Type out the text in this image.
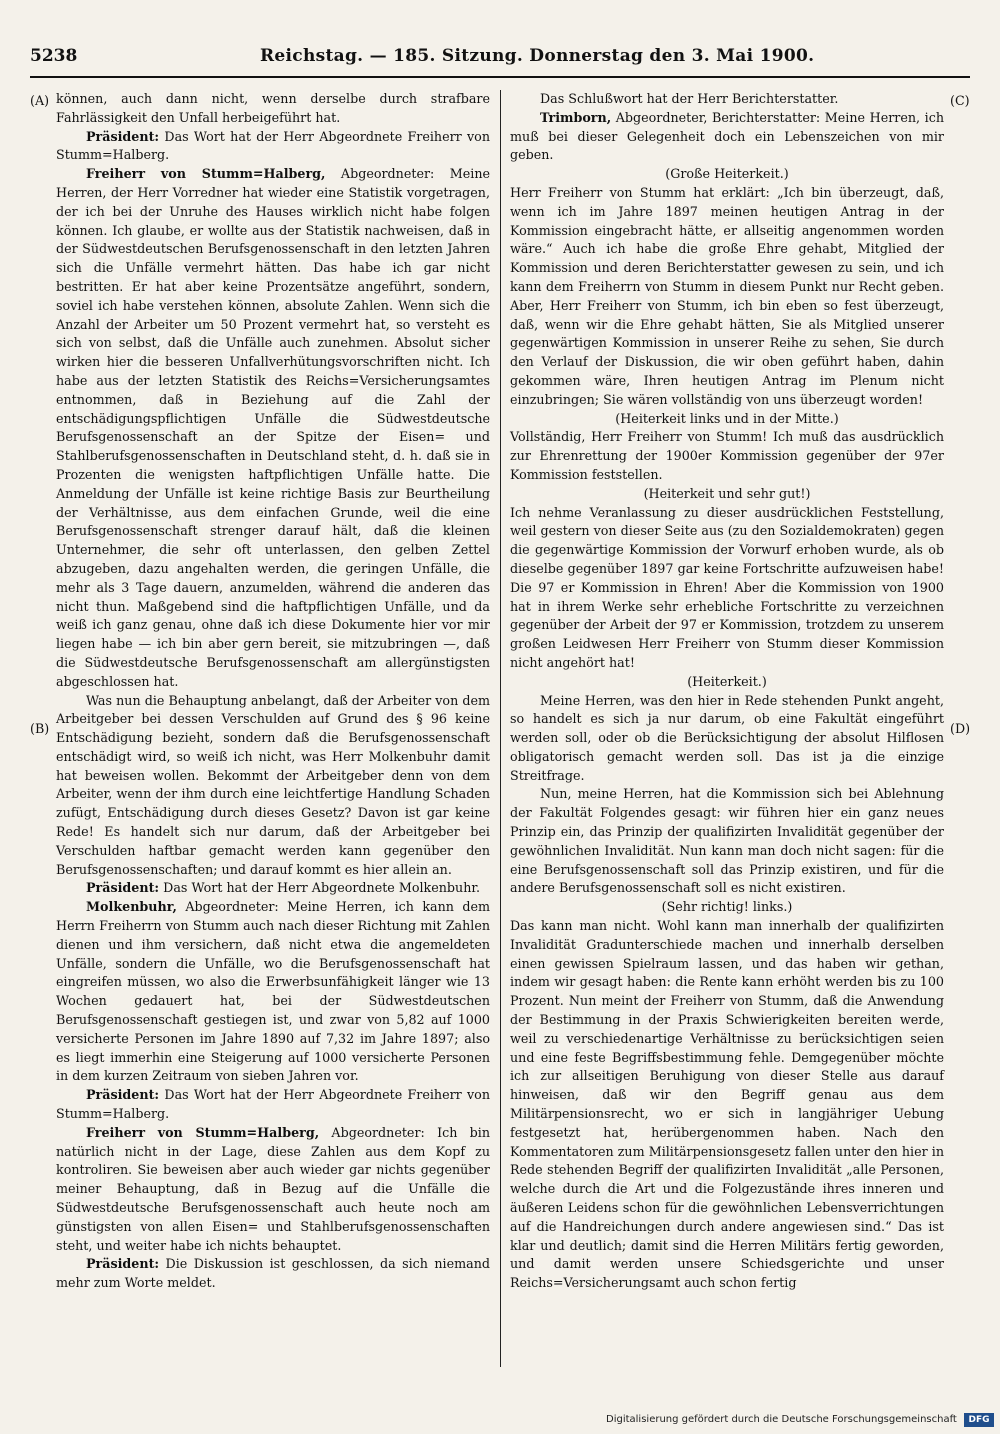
5238	Reichstag. — 185. Sitzung. Donnerstag den 3. Mai 1900.
(A)
(B)
(C)
(D)

können, auch dann nicht, wenn derselbe durch strafbare Fahrlässigkeit den Unfall herbeigeführt hat.

Präsident: Das Wort hat der Herr Abgeordnete Freiherr von Stumm=Halberg.

Freiherr von Stumm=Halberg, Abgeordneter: Meine Herren, der Herr Vorredner hat wieder eine Statistik vorgetragen, der ich bei der Unruhe des Hauses wirklich nicht habe folgen können. Ich glaube, er wollte aus der Statistik nachweisen, daß in der Südwestdeutschen Berufsgenossenschaft in den letzten Jahren sich die Unfälle vermehrt hätten. Das habe ich gar nicht bestritten. Er hat aber keine Prozentsätze angeführt, sondern, soviel ich habe verstehen können, absolute Zahlen. Wenn sich die Anzahl der Arbeiter um 50 Prozent vermehrt hat, so versteht es sich von selbst, daß die Unfälle auch zunehmen. Absolut sicher wirken hier die besseren Unfallverhütungsvorschriften nicht. Ich habe aus der letzten Statistik des Reichs=Versicherungsamtes entnommen, daß in Beziehung auf die Zahl der entschädigungspflichtigen Unfälle die Südwestdeutsche Berufsgenossenschaft an der Spitze der Eisen= und Stahlberufsgenossenschaften in Deutschland steht, d. h. daß sie in Prozenten die wenigsten haftpflichtigen Unfälle hatte. Die Anmeldung der Unfälle ist keine richtige Basis zur Beurtheilung der Verhältnisse, aus dem einfachen Grunde, weil die eine Berufsgenossenschaft strenger darauf hält, daß die kleinen Unternehmer, die sehr oft unterlassen, den gelben Zettel abzugeben, dazu angehalten werden, die geringen Unfälle, die mehr als 3 Tage dauern, anzumelden, während die anderen das nicht thun. Maßgebend sind die haftpflichtigen Unfälle, und da weiß ich ganz genau, ohne daß ich diese Dokumente hier vor mir liegen habe — ich bin aber gern bereit, sie mitzubringen —, daß die Südwestdeutsche Berufsgenossenschaft am allergünstigsten abgeschlossen hat.

Was nun die Behauptung anbelangt, daß der Arbeiter von dem Arbeitgeber bei dessen Verschulden auf Grund des § 96 keine Entschädigung bezieht, sondern daß die Berufsgenossenschaft entschädigt wird, so weiß ich nicht, was Herr Molkenbuhr damit hat beweisen wollen. Bekommt der Arbeitgeber denn von dem Arbeiter, wenn der ihm durch eine leichtfertige Handlung Schaden zufügt, Entschädigung durch dieses Gesetz? Davon ist gar keine Rede! Es handelt sich nur darum, daß der Arbeitgeber bei Verschulden haftbar gemacht werden kann gegenüber den Berufsgenossenschaften; und darauf kommt es hier allein an.

Präsident: Das Wort hat der Herr Abgeordnete Molkenbuhr.

Molkenbuhr, Abgeordneter: Meine Herren, ich kann dem Herrn Freiherrn von Stumm auch nach dieser Richtung mit Zahlen dienen und ihm versichern, daß nicht etwa die angemeldeten Unfälle, sondern die Unfälle, wo die Berufsgenossenschaft hat eingreifen müssen, wo also die Erwerbsunfähigkeit länger wie 13 Wochen gedauert hat, bei der Südwestdeutschen Berufsgenossenschaft gestiegen ist, und zwar von 5,82 auf 1000 versicherte Personen im Jahre 1890 auf 7,32 im Jahre 1897; also es liegt immerhin eine Steigerung auf 1000 versicherte Personen in dem kurzen Zeitraum von sieben Jahren vor.

Präsident: Das Wort hat der Herr Abgeordnete Freiherr von Stumm=Halberg.

Freiherr von Stumm=Halberg, Abgeordneter: Ich bin natürlich nicht in der Lage, diese Zahlen aus dem Kopf zu kontroliren. Sie beweisen aber auch wieder gar nichts gegenüber meiner Behauptung, daß in Bezug auf die Unfälle die Südwestdeutsche Berufsgenossenschaft auch heute noch am günstigsten von allen Eisen= und Stahlberufsgenossenschaften steht, und weiter habe ich nichts behauptet.

Präsident: Die Diskussion ist geschlossen, da sich niemand mehr zum Worte meldet.

Das Schlußwort hat der Herr Berichterstatter.

Trimborn, Abgeordneter, Berichterstatter: Meine Herren, ich muß bei dieser Gelegenheit doch ein Lebenszeichen von mir geben.

(Große Heiterkeit.)

Herr Freiherr von Stumm hat erklärt: „Ich bin überzeugt, daß, wenn ich im Jahre 1897 meinen heutigen Antrag in der Kommission eingebracht hätte, er allseitig angenommen worden wäre.“ Auch ich habe die große Ehre gehabt, Mitglied der Kommission und deren Berichterstatter gewesen zu sein, und ich kann dem Freiherrn von Stumm in diesem Punkt nur Recht geben. Aber, Herr Freiherr von Stumm, ich bin eben so fest überzeugt, daß, wenn wir die Ehre gehabt hätten, Sie als Mitglied unserer gegenwärtigen Kommission in unserer Reihe zu sehen, Sie durch den Verlauf der Diskussion, die wir oben geführt haben, dahin gekommen wäre, Ihren heutigen Antrag im Plenum nicht einzubringen; Sie wären vollständig von uns überzeugt worden!

(Heiterkeit links und in der Mitte.)

Vollständig, Herr Freiherr von Stumm! Ich muß das ausdrücklich zur Ehrenrettung der 1900er Kommission gegenüber der 97er Kommission feststellen.

(Heiterkeit und sehr gut!)

Ich nehme Veranlassung zu dieser ausdrücklichen Feststellung, weil gestern von dieser Seite aus (zu den Sozialdemokraten) gegen die gegenwärtige Kommission der Vorwurf erhoben wurde, als ob dieselbe gegenüber 1897 gar keine Fortschritte aufzuweisen habe! Die 97 er Kommission in Ehren! Aber die Kommission von 1900 hat in ihrem Werke sehr erhebliche Fortschritte zu verzeichnen gegenüber der Arbeit der 97 er Kommission, trotzdem zu unserem großen Leidwesen Herr Freiherr von Stumm dieser Kommission nicht angehört hat!

(Heiterkeit.)

Meine Herren, was den hier in Rede stehenden Punkt angeht, so handelt es sich ja nur darum, ob eine Fakultät eingeführt werden soll, oder ob die Berücksichtigung der absolut Hilflosen obligatorisch gemacht werden soll. Das ist ja die einzige Streitfrage.

Nun, meine Herren, hat die Kommission sich bei Ablehnung der Fakultät Folgendes gesagt: wir führen hier ein ganz neues Prinzip ein, das Prinzip der qualifizirten Invalidität gegenüber der gewöhnlichen Invalidität. Nun kann man doch nicht sagen: für die eine Berufsgenossenschaft soll das Prinzip existiren, und für die andere Berufsgenossenschaft soll es nicht existiren.

(Sehr richtig! links.)

Das kann man nicht. Wohl kann man innerhalb der qualifizirten Invalidität Gradunterschiede machen und innerhalb derselben einen gewissen Spielraum lassen, und das haben wir gethan, indem wir gesagt haben: die Rente kann erhöht werden bis zu 100 Prozent. Nun meint der Freiherr von Stumm, daß die Anwendung der Bestimmung in der Praxis Schwierigkeiten bereiten werde, weil zu verschiedenartige Verhältnisse zu berücksichtigen seien und eine feste Begriffsbestimmung fehle. Demgegenüber möchte ich zur allseitigen Beruhigung von dieser Stelle aus darauf hinweisen, daß wir den Begriff genau aus dem Militärpensionsrecht, wo er sich in langjähriger Uebung festgesetzt hat, herübergenommen haben. Nach den Kommentatoren zum Militärpensionsgesetz fallen unter den hier in Rede stehenden Begriff der qualifizirten Invalidität „alle Personen, welche durch die Art und die Folgezustände ihres inneren und äußeren Leidens schon für die gewöhnlichen Lebensverrichtungen auf die Handreichungen durch andere angewiesen sind.“ Das ist klar und deutlich; damit sind die Herren Militärs fertig geworden, und damit werden unsere Schiedsgerichte und unser Reichs=Versicherungsamt auch schon fertig

Digitalisierung gefördert durch die Deutsche Forschungsgemeinschaft	DFG
